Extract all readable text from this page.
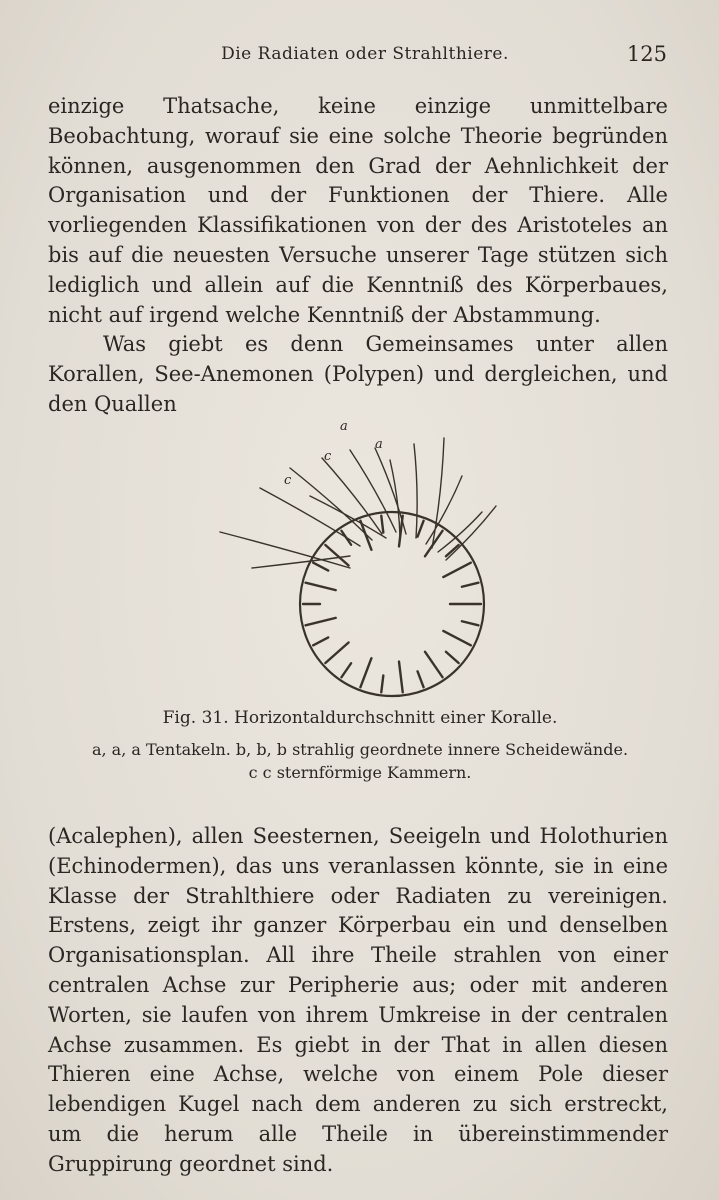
Die Radiaten oder Strahlthiere.	125

einzige Thatsache, keine einzige unmittelbare Beobachtung, worauf sie eine solche Theorie begründen können, ausgenommen den Grad der Aehnlichkeit der Organisation und der Funktionen der Thiere. Alle vorliegenden Klassifikationen von der des Aristoteles an bis auf die neuesten Versuche unserer Tage stützen sich lediglich und allein auf die Kenntniß des Körperbaues, nicht auf irgend welche Kenntniß der Abstammung.

Was giebt es denn Gemeinsames unter allen Korallen, See-Anemonen (Polypen) und dergleichen, und den Quallen

a
a
c
c
Fig. 31. Horizontaldurchschnitt einer Koralle.
a, a, a Tentakeln. b, b, b strahlig geordnete innere Scheidewände.
c c sternförmige Kammern.

(Acalephen), allen Seesternen, Seeigeln und Holothurien (Echinodermen), das uns veranlassen könnte, sie in eine Klasse der Strahlthiere oder Radiaten zu vereinigen. Erstens, zeigt ihr ganzer Körperbau ein und denselben Organisationsplan. All ihre Theile strahlen von einer centralen Achse zur Peripherie aus; oder mit anderen Worten, sie laufen von ihrem Umkreise in der centralen Achse zusammen. Es giebt in der That in allen diesen Thieren eine Achse, welche von einem Pole dieser lebendigen Kugel nach dem anderen zu sich erstreckt, um die herum alle Theile in übereinstimmender Gruppirung geordnet sind.
